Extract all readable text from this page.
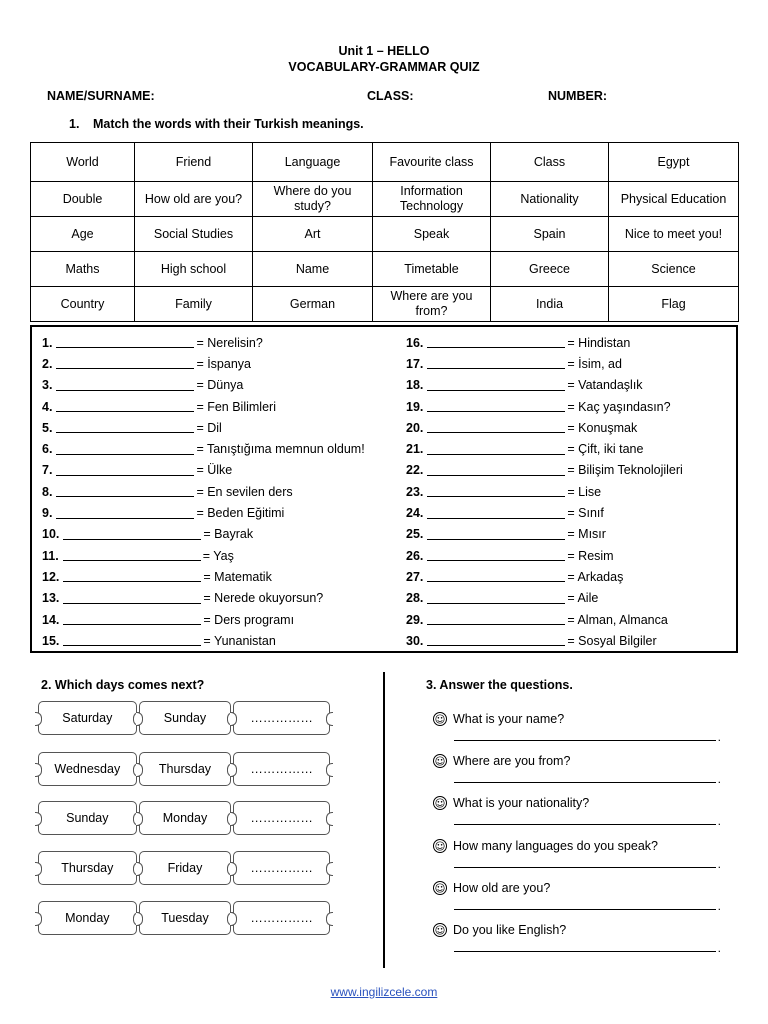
Unit 1 – HELLO
VOCABULARY-GRAMMAR QUIZ
NAME/SURNAME:	CLASS:	NUMBER:
1. Match the words with their Turkish meanings.
World	Friend	Language	Favourite class	Class	Egypt
Double	How old are you?	Where do you study?	Information Technology	Nationality	Physical Education
Age	Social Studies	Art	Speak	Spain	Nice to meet you!
Maths	High school	Name	Timetable	Greece	Science
Country	Family	German	Where are you from?	India	Flag
1.	= Nerelisin?
2.	= İspanya
3.	= Dünya
4.	= Fen Bilimleri
5.	= Dil
6.	= Tanıştığıma memnun oldum!
7.	= Ülke
8.	= En sevilen ders
9.	= Beden Eğitimi
10.	= Bayrak
11.	= Yaş
12.	= Matematik
13.	= Nerede okuyorsun?
14.	= Ders programı
15.	= Yunanistan
16.	= Hindistan
17.	= İsim, ad
18.	= Vatandaşlık
19.	= Kaç yaşındasın?
20.	= Konuşmak
21.	= Çift, iki tane
22.	= Bilişim Teknolojileri
23.	= Lise
24.	= Sınıf
25.	= Mısır
26.	= Resim
27.	= Arkadaş
28.	= Aile
29.	= Alman, Almanca
30.	= Sosyal Bilgiler
2. Which days comes next?
Saturday	Sunday	……………
Wednesday	Thursday	……………
Sunday	Monday	……………
Thursday	Friday	……………
Monday	Tuesday	……………
3. Answer the questions.
What is your name?
.
Where are you from?
.
What is your nationality?
.
How many languages do you speak?
.
How old are you?
.
Do you like English?
.
www.ingilizcele.com
